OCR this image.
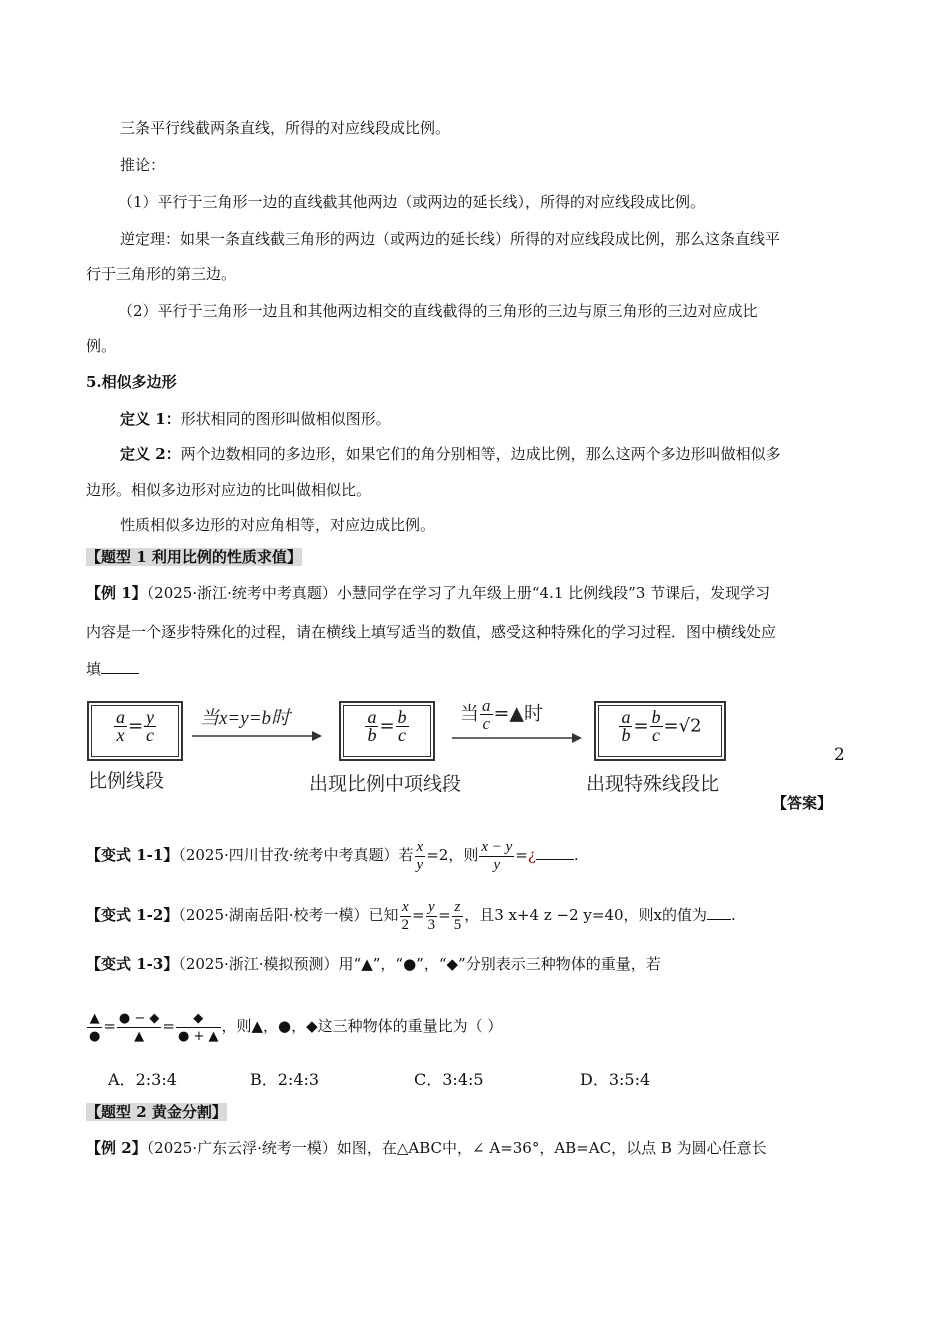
三条平行线截两条直线，所得的对应线段成比例。
推论：
（1）平行于三角形一边的直线截其他两边（或两边的延长线），所得的对应线段成比例。
逆定理：如果一条直线截三角形的两边（或两边的延长线）所得的对应线段成比例，那么这条直线平
行于三角形的第三边。
（2）平行于三角形一边且和其他两边相交的直线截得的三角形的三边与原三角形的三边对应成比
例。
5.相似多边形
定义 1：形状相同的图形叫做相似图形。
定义 2：两个边数相同的多边形，如果它们的角分别相等，边成比例，那么这两个多边形叫做相似多
边形。相似多边形对应边的比叫做相似比。
性质相似多边形的对应角相等，对应边成比例。
【题型 1 利用比例的性质求值】
【例 1】（2025·浙江·统考中考真题）小慧同学在学习了九年级上册“4.1 比例线段”3 节课后，发现学习
内容是一个逐步特殊化的过程，请在横线上填写适当的数值，感受这种特殊化的学习过程．图中横线处应
填
$\frac{a}{x} = \frac{y}{c}$
比例线段
当x=y=b时	$\frac{a}{b} = \frac{b}{c}$
出现比例中项线段
当 $\frac{a}{c}$ =▲时	$\frac{a}{b} = \frac{b}{c} =√2$
出现特殊线段比
2
【答案】
【变式 1-1】（2025·四川甘孜·统考中考真题）若 $\frac{x}{y} =2$，则 $\frac{x - y}{y}$ =¿	.
【变式 1-2】（2025·湖南岳阳·校考一模）已知 $\frac{x}{2} = \frac{y}{3} = \frac{z}{5}$ ，且3 x+4 z −2 y=40，则x的值为 .
【变式 1-3】（2025·浙江·模拟预测）用“▲”，“●”，“◆”分别表示三种物体的重量，若
$\frac{▲}{●} = \frac{● - ◆}{▲} = \frac{◆}{● + ▲}$ ，则▲，●，◆这三种物体的重量比为（ ）
A．2:3:4	B．2:4:3	C．3:4:5	D．3:5:4
【题型 2 黄金分割】
【例 2】（2025·广东云浮·统考一模）如图，在△ABC中，∠ A=36°，AB=AC，以点 B 为圆心任意长
